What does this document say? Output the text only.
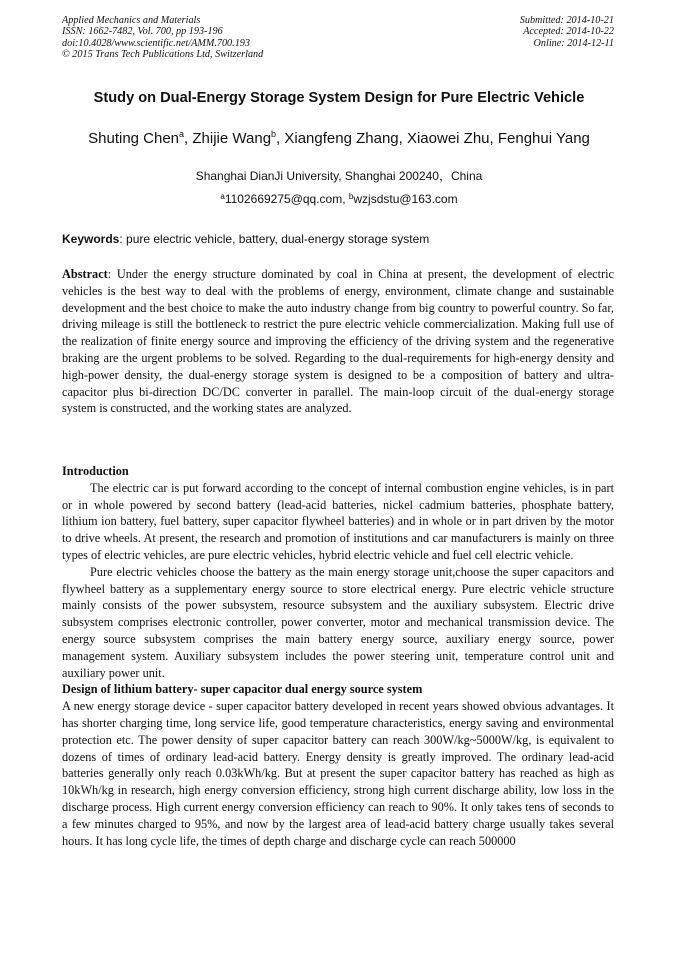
Applied Mechanics and Materials
ISSN: 1662-7482, Vol. 700, pp 193-196
doi:10.4028/www.scientific.net/AMM.700.193
© 2015 Trans Tech Publications Ltd, Switzerland
Submitted: 2014-10-21
Accepted: 2014-10-22
Online: 2014-12-11
Study on Dual-Energy Storage System Design for Pure Electric Vehicle
Shuting Chen$^a$, Zhijie Wang$^b$, Xiangfeng Zhang, Xiaowei Zhu, Fenghui Yang
Shanghai DianJi University, Shanghai 200240，China
$^a$1102669275@qq.com, $^b$wzjsdstu@163.com
Keywords: pure electric vehicle, battery, dual-energy storage system

Abstract: Under the energy structure dominated by coal in China at present, the development of electric vehicles is the best way to deal with the problems of energy, environment, climate change and sustainable development and the best choice to make the auto industry change from big country to powerful country. So far, driving mileage is still the bottleneck to restrict the pure electric vehicle commercialization. Making full use of the realization of finite energy source and improving the efficiency of the driving system and the regenerative braking are the urgent problems to be solved. Regarding to the dual-requirements for high-energy density and high-power density, the dual-energy storage system is designed to be a composition of battery and ultra-capacitor plus bi-direction DC/DC converter in parallel. The main-loop circuit of the dual-energy storage system is constructed, and the working states are analyzed.

Introduction

The electric car is put forward according to the concept of internal combustion engine vehicles, is in part or in whole powered by second battery (lead-acid batteries, nickel cadmium batteries, phosphate battery, lithium ion battery, fuel battery, super capacitor flywheel batteries) and in whole or in part driven by the motor to drive wheels. At present, the research and promotion of institutions and car manufacturers is mainly on three types of electric vehicles, are pure electric vehicles, hybrid electric vehicle and fuel cell electric vehicle.

Pure electric vehicles choose the battery as the main energy storage unit,choose the super capacitors and flywheel battery as a supplementary energy source to store electrical energy. Pure electric vehicle structure mainly consists of the power subsystem, resource subsystem and the auxiliary subsystem. Electric drive subsystem comprises electronic controller, power converter, motor and mechanical transmission device. The energy source subsystem comprises the main battery energy source, auxiliary energy source, power management system. Auxiliary subsystem includes the power steering unit, temperature control unit and auxiliary power unit.

Design of lithium battery- super capacitor dual energy source system

A new energy storage device - super capacitor battery developed in recent years showed obvious advantages. It has shorter charging time, long service life, good temperature characteristics, energy saving and environmental protection etc. The power density of super capacitor battery can reach 300W/kg~5000W/kg, is equivalent to dozens of times of ordinary lead-acid battery. Energy density is greatly improved. The ordinary lead-acid batteries generally only reach 0.03kWh/kg. But at present the super capacitor battery has reached as high as 10kWh/kg in research, high energy conversion efficiency, strong high current discharge ability, low loss in the discharge process. High current energy conversion efficiency can reach to 90%. It only takes tens of seconds to a few minutes charged to 95%, and now by the largest area of lead-acid battery charge usually takes several hours. It has long cycle life, the times of depth charge and discharge cycle can reach 500000
